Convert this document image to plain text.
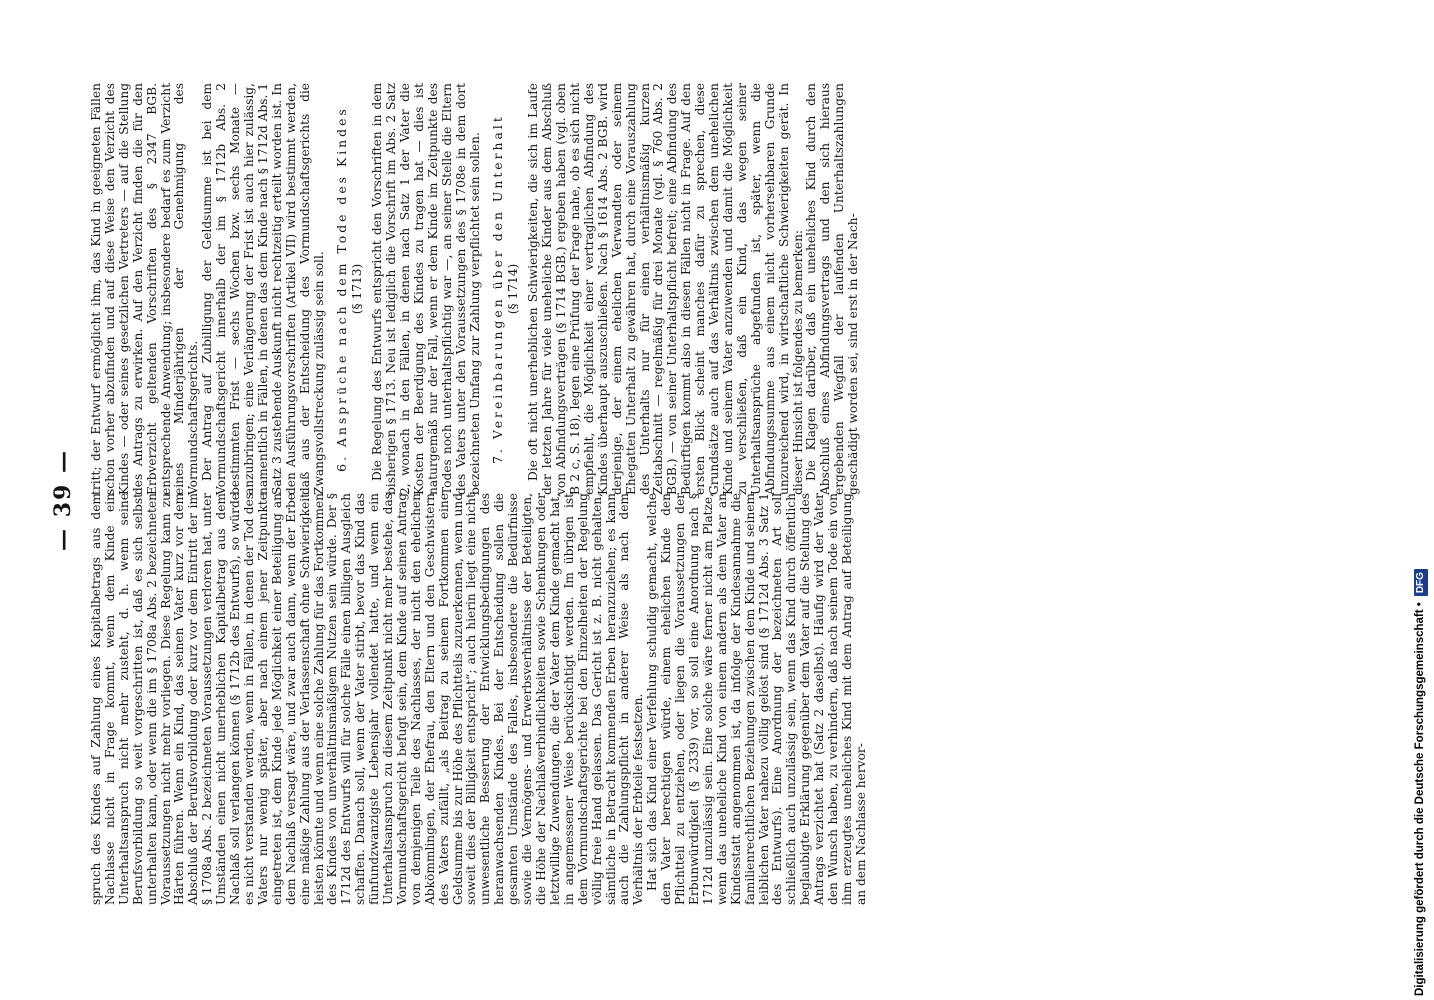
— 39 — spruch des Kindes auf Zahlung eines Kapitalbetrags aus dem Nachlasse nicht in Frage kommt, wenn dem Kinde ein Unterhaltsanspruch nicht mehr zusteht, d. h. wenn seine Berufsvorbildung so weit vorgeschritten ist, daß es sich selbst unterhalten kann, oder wenn die im § 1708a Abs. 2 bezeichneten Voraussetzungen nicht mehr vorliegen. Diese Regelung kann zu Härten führen. Wenn ein Kind, das seinen Vater kurz vor dem Abschluß der Berufsvorbildung oder kurz vor dem Eintritt der im § 1708a Abs. 2 bezeichneten Voraussetzungen verloren hat, unter Umständen einen nicht unerheblichen Kapitalbetrag aus dem Nachlaß soll verlangen können (§ 1712b des Entwurfs), so würde es nicht verstanden werden, wenn in Fällen, in denen der Tod des Vaters nur wenig später, aber nach einem jener Zeitpunkte eingetreten ist, dem Kinde jede Möglichkeit einer Beteiligung an dem Nachlaß versagt wäre, und zwar auch dann, wenn der Erbe eine mäßige Zahlung aus der Verlassenschaft ohne Schwierigkeit leisten könnte und wenn eine solche Zahlung für das Fortkommen des Kindes von unverhältnismäßigem Nutzen sein würde. Der § 1712d des Entwurfs will für solche Fälle einen billigen Ausgleich schaffen. Danach soll, wenn der Vater stirbt, bevor das Kind das fünfundzwanzigste Lebensjahr vollendet hatte, und wenn ein Unterhaltsanspruch zu diesem Zeitpunkt nicht mehr bestehe, das Vormundschaftsgericht befugt sein, dem Kinde auf seinen Antrag von demjenigen Teile des Nachlasses, der nicht den ehelichen Abkömmlingen, der Ehefrau, den Eltern und den Geschwistern des Vaters zufällt, „als Beitrag zu seinem Fortkommen eine Geldsumme bis zur Höhe des Pflichtteils zuzuerkennen, wenn und soweit dies der Billigkeit entspricht“; auch hierin liegt eine nicht unwesentliche Besserung der Entwicklungsbedingungen des heranwachsenden Kindes. Bei der Entscheidung sollen die gesamten Umstände des Falles, insbesondere die Bedürfnisse sowie die Vermögens- und Erwerbsverhältnisse der Beteiligten, die Höhe der Nachlaßverbindlichkeiten sowie Schenkungen oder letztwillige Zuwendungen, die der Vater dem Kinde gemacht hat, in angemessener Weise berücksichtigt werden. Im übrigen ist dem Vormundschaftsgerichte bei den Einzelheiten der Regelung völlig freie Hand gelassen. Das Gericht ist z. B. nicht gehalten, sämtliche in Betracht kommenden Erben heranzuziehen; es kann auch die Zahlungspflicht in anderer Weise als nach dem Verhältnis der Erbteile festsetzen. Hat sich das Kind einer Verfehlung schuldig gemacht, welche den Vater berechtigen würde, einem ehelichen Kinde den Pflichtteil zu entziehen, oder liegen die Voraussetzungen der Erbunwürdigkeit (§ 2339) vor, so soll eine Anordnung nach § 1712d unzulässig sein. Eine solche wäre ferner nicht am Platze, wenn das uneheliche Kind von einem andern als dem Vater an Kindesstatt angenommen ist, da infolge der Kindesannahme die familienrechtlichen Beziehungen zwischen dem Kinde und seinem leiblichen Vater nahezu völlig gelöst sind (§ 1712d Abs. 3 Satz 1 des Entwurfs). Eine Anordnung der bezeichneten Art soll schließlich auch unzulässig sein, wenn das Kind durch öffentlich beglaubigte Erklärung gegenüber dem Vater auf die Stellung des Antrags verzichtet hat (Satz 2 daselbst). Häufig wird der Vater den Wunsch haben, zu verhindern, daß nach seinem Tode ein von ihm erzeugtes uneheliches Kind mit dem Antrag auf Beteiligung an dem Nachlasse hervor-

tritt; der Entwurf ermöglicht ihm, das Kind in geeigneten Fällen schon vorher abzufinden und auf diese Weise den Verzicht des Kindes — oder seines gesetzlichen Vertreters — auf die Stellung des Antrags zu erwirken. Auf den Verzicht finden die für den Erbverzicht geltenden Vorschriften des § 2347 BGB. entsprechende Anwendung; insbesondere bedarf es zum Verzicht eines Minderjährigen der Genehmigung des Vormundschaftsgerichts. Der Antrag auf Zubilligung der Geldsumme ist bei dem Vormundschaftsgericht innerhalb der im § 1712b Abs. 2 bestimmten Frist — sechs Wochen bzw. sechs Monate — anzubringen; eine Verlängerung der Frist ist auch hier zulässig, namentlich in Fällen, in denen das dem Kinde nach § 1712d Abs. 1 Satz 3 zustehende Auskunft nicht rechtzeitig erteilt worden ist. In den Ausführungsvorschriften (Artikel VII) wird bestimmt werden, daß aus der Entscheidung des Vormundschaftsgerichts die Zwangsvollstreckung zulässig sein soll. 6. Ansprüche nach dem Tode des Kindes (§ 1713) Die Regelung des Entwurfs entspricht den Vorschriften in dem bisherigen § 1713. Neu ist lediglich die Vorschrift im Abs. 2 Satz 2, wonach in den Fällen, in denen nach Satz 1 der Vater die Kosten der Beerdigung des Kindes zu tragen hat — dies ist naturgemäß nur der Fall, wenn er dem Kinde im Zeitpunkte des Todes noch unterhaltspflichtig war —, an seiner Stelle die Eltern des Vaters unter den Voraussetzungen des § 1708e in dem dort bezeichneten Umfang zur Zahlung verpflichtet sein sollen. 7. Vereinbarungen über den Unterhalt (§ 1714) Die oft nicht unerheblichen Schwierigkeiten, die sich im Laufe der letzten Jahre für viele uneheliche Kinder aus dem Abschluß von Abfindungsverträgen (§ 1714 BGB.) ergeben haben (vgl. oben B 2 c, S. 18), legen eine Prüfung der Frage nahe, ob es sich nicht empfiehlt, die Möglichkeit einer vertraglichen Abfindung des Kindes überhaupt auszuschließen. Nach § 1614 Abs. 2 BGB. wird derjenige, der einem ehelichen Verwandten oder seinem Ehegatten Unterhalt zu gewähren hat, durch eine Vorauszahlung des Unterhalts nur für einen verhältnismäßig kurzen Zeitabschnitt — regelmäßig für drei Monate (vgl. § 760 Abs. 2 BGB.) — von seiner Unterhaltspflicht befreit; eine Abfindung des Bedürftigen kommt also in diesen Fällen nicht in Frage. Auf den ersten Blick scheint manches dafür zu sprechen, diese Grundsätze auch auf das Verhältnis zwischen dem unehelichen Kinde und seinem Vater anzuwenden und damit die Möglichkeit zu verschließen, daß ein Kind, das wegen seiner Unterhaltsansprüche abgefunden ist, später, wenn die Abfindungssumme aus einem nicht vorhersehbaren Grunde unzureichend wird, in wirtschaftliche Schwierigkeiten gerät. In dieser Hinsicht ist folgendes zu bemerken: Die Klagen darüber, daß ein uneheliches Kind durch den Abschluß eines Abfindungsvertrags und den sich hieraus ergebenden Wegfall der laufenden Unterhaltszahlungen geschädigt worden sei, sind erst in der Nach-

Digitalisierung gefördert durch die Deutsche Forschungsgemeinschaft •DFG
